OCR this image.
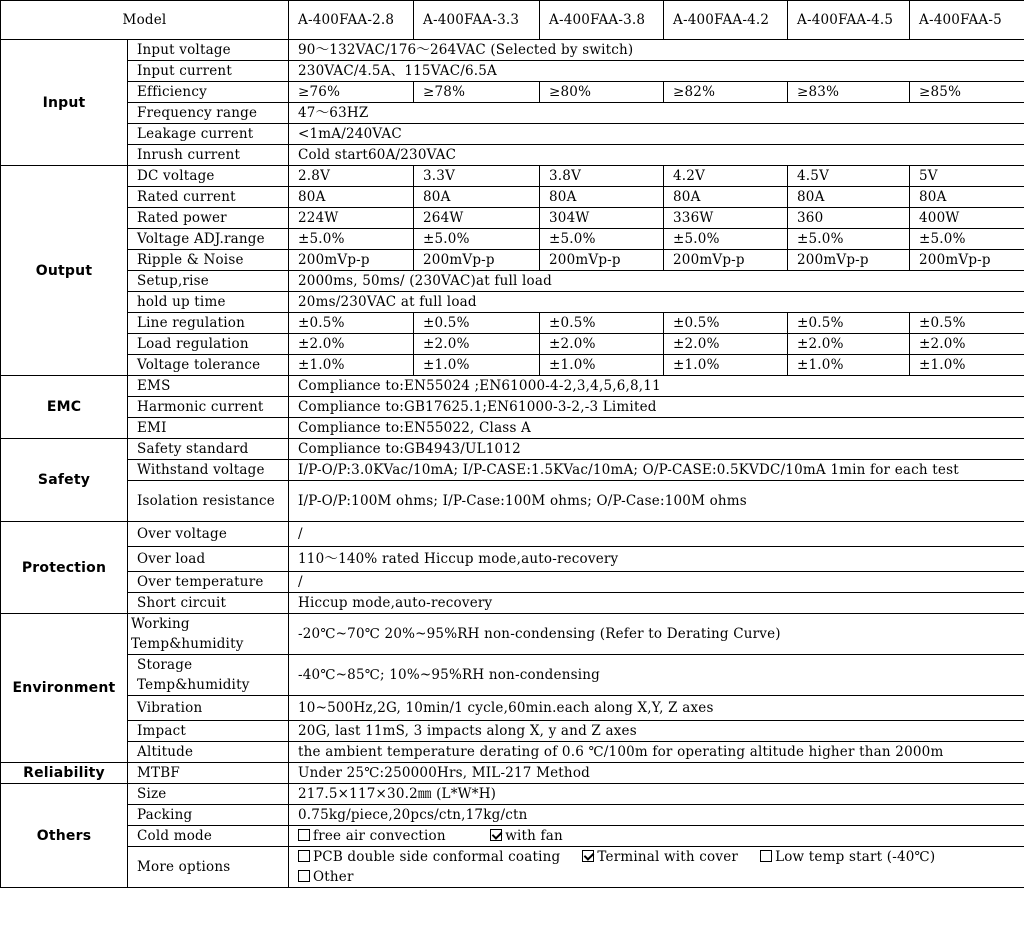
Model		A-400FAA-2.8	A-400FAA-3.3	A-400FAA-3.8	A-400FAA-4.2	A-400FAA-4.5	A-400FAA-5
Input	Input voltage	90～132VAC/176～264VAC (Selected by switch)					
	Input current	230VAC/4.5A、115VAC/6.5A					
	Efficiency	≥76%	≥78%	≥80%	≥82%	≥83%	≥85%
	Frequency range	47～63HZ					
	Leakage current	<1mA/240VAC					
	Inrush current	Cold start60A/230VAC					
Output	DC voltage	2.8V	3.3V	3.8V	4.2V	4.5V	5V
	Rated current	80A	80A	80A	80A	80A	80A
	Rated power	224W	264W	304W	336W	360	400W
	Voltage ADJ.range	±5.0%	±5.0%	±5.0%	±5.0%	±5.0%	±5.0%
	Ripple & Noise	200mVp-p	200mVp-p	200mVp-p	200mVp-p	200mVp-p	200mVp-p
	Setup,rise	2000ms, 50ms/ (230VAC)at full load					
	hold up time	20ms/230VAC at full load					
	Line regulation	±0.5%	±0.5%	±0.5%	±0.5%	±0.5%	±0.5%
	Load regulation	±2.0%	±2.0%	±2.0%	±2.0%	±2.0%	±2.0%
	Voltage tolerance	±1.0%	±1.0%	±1.0%	±1.0%	±1.0%	±1.0%
EMC	EMS	Compliance to:EN55024 ;EN61000-4-2,3,4,5,6,8,11					
	Harmonic current	Compliance to:GB17625.1;EN61000-3-2,-3 Limited					
	EMI	Compliance to:EN55022, Class A					
Safety	Safety standard	Compliance to:GB4943/UL1012					
	Withstand voltage	I/P-O/P:3.0KVac/10mA; I/P-CASE:1.5KVac/10mA; O/P-CASE:0.5KVDC/10mA 1min for each test					
	Isolation resistance	I/P-O/P:100M ohms; I/P-Case:100M ohms; O/P-Case:100M ohms					
Protection	Over voltage	/					
	Over load	110～140% rated Hiccup mode,auto-recovery					
	Over temperature	/					
	Short circuit	Hiccup mode,auto-recovery					
Environment	Working Temp&humidity	-20℃~70℃ 20%~95%RH non-condensing (Refer to Derating Curve)					
	Storage Temp&humidity	-40℃~85℃; 10%~95%RH non-condensing					
	Vibration	10~500Hz,2G, 10min/1 cycle,60min.each along X,Y, Z axes					
	Impact	20G, last 11mS, 3 impacts along X, y and Z axes					
	Altitude	the ambient temperature derating of 0.6 ℃/100m for operating altitude higher than 2000m					
Reliability	MTBF	Under 25℃:250000Hrs, MIL-217 Method					
Others	Size	217.5×117×30.2㎜ (L*W*H)					
	Packing	0.75kg/piece,20pcs/ctn,17kg/ctn					
	Cold mode	free air convection with fan					
	More options	PCB double side conformal coating Terminal with cover Low temp start (-40℃)
Other					
